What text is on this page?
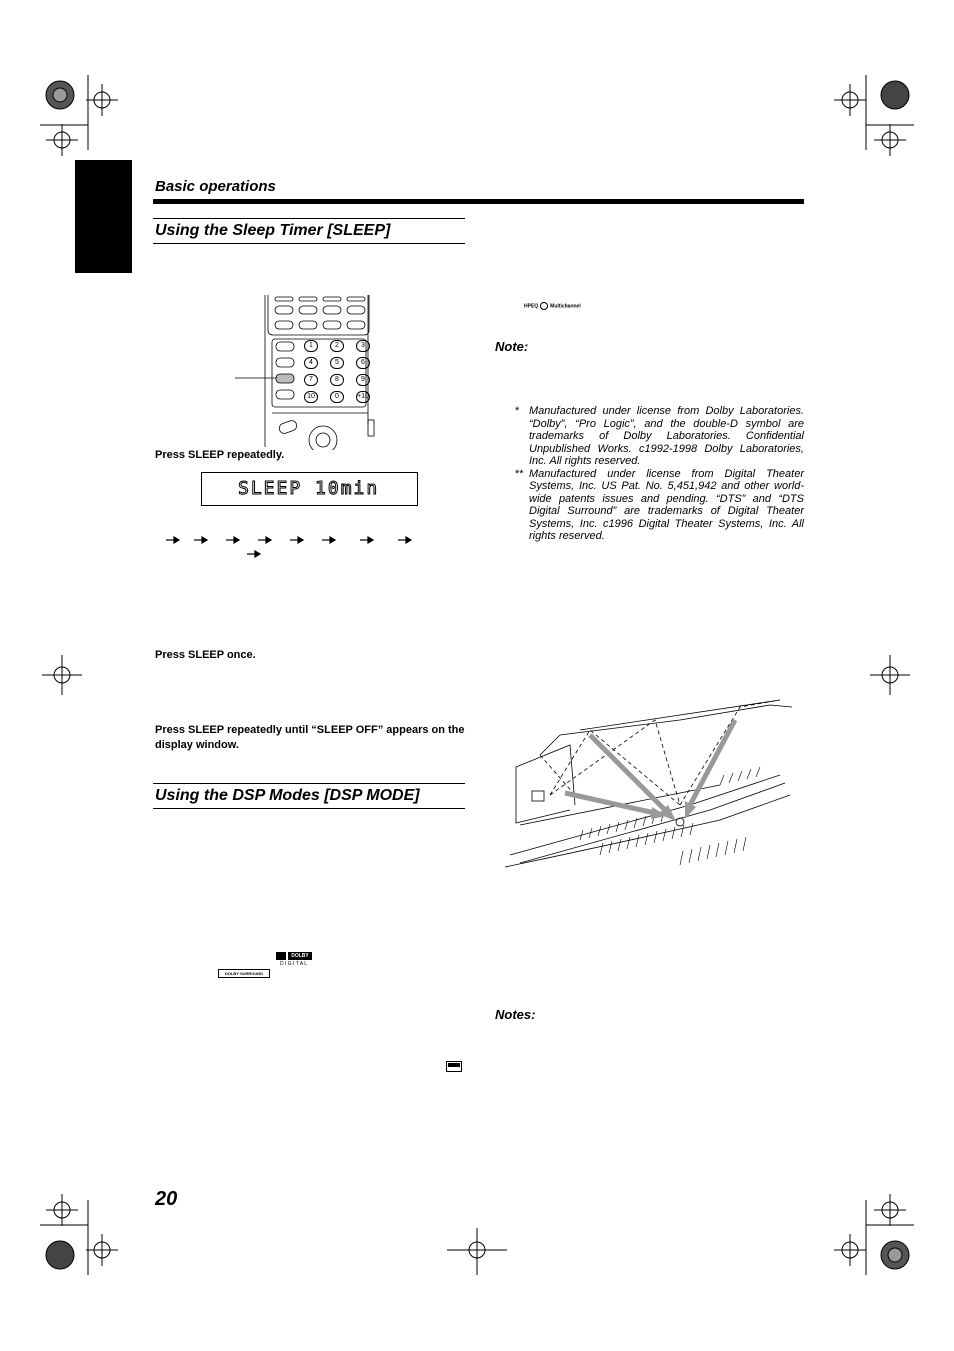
Basic operations
Using the Sleep Timer [SLEEP]
1	2	3
4	5	6
7	8	9
10	0	+10
Press SLEEP repeatedly.
SLEEP 10min
Press SLEEP once.
Press SLEEP repeatedly until “SLEEP OFF” appears on the
display window.
Using the DSP Modes [DSP MODE]
DOLBY
D I G I T A L
DOLBY SURROUND
HPEQ Multichannel
Note:
* Manufactured under license from Dolby Laboratories. “Dolby”, “Pro Logic”, and the double-D symbol are trademarks of Dolby Laboratories. Confidential Unpublished Works. c1992-1998 Dolby Laboratories, Inc. All rights reserved.
** Manufactured under license from Digital Theater Systems, Inc. US Pat. No. 5,451,942 and other world-wide patents issues and pending. “DTS” and “DTS Digital Surround” are trademarks of Digital Theater Systems, Inc. c1996 Digital Theater Systems, Inc. All rights reserved.
Notes:
20
